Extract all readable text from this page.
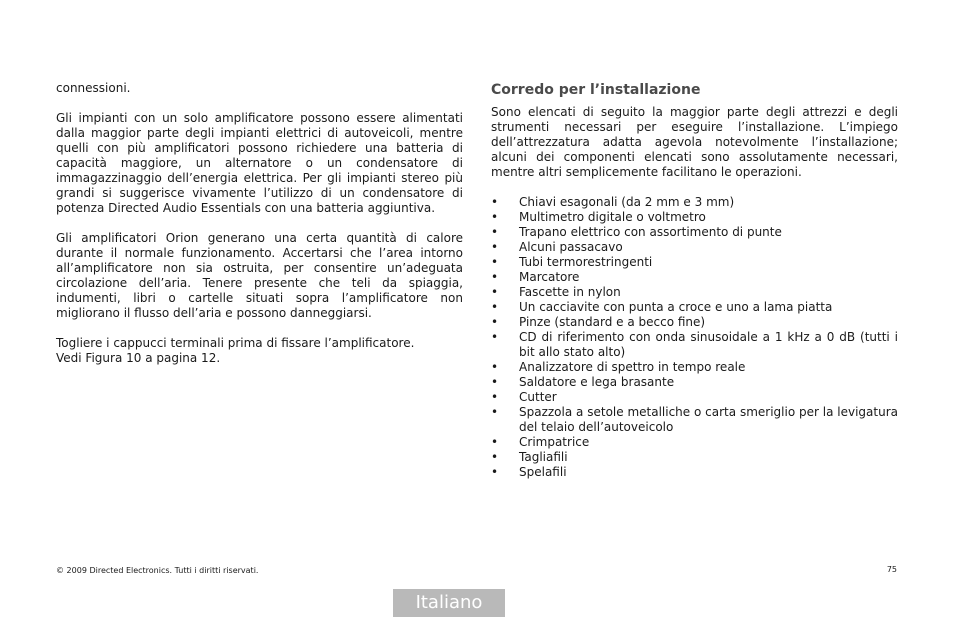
connessioni.

Gli impianti con un solo amplificatore possono essere alimentati dalla maggior parte degli impianti elettrici di autoveicoli, mentre quelli con più amplificatori possono richiedere una batteria di capacità maggiore, un alternatore o un condensatore di immagazzinaggio dell’energia elettrica. Per gli impianti stereo più grandi si suggerisce vivamente l’utilizzo di un condensatore di potenza Directed Audio Essentials con una batteria aggiuntiva.

Gli amplificatori Orion generano una certa quantità di calore durante il normale funzionamento. Accertarsi che l’area intorno all’amplificatore non sia ostruita, per consentire un’adeguata circolazione dell’aria. Tenere presente che teli da spiaggia, indumenti, libri o cartelle situati sopra l’amplificatore non migliorano il flusso dell’aria e possono danneggiarsi.

Togliere i cappucci terminali prima di fissare l’amplificatore.

Vedi Figura 10 a pagina 12.

Corredo per l’installazione

Sono elencati di seguito la maggior parte degli attrezzi e degli strumenti necessari per eseguire l’installazione. L’impiego dell’attrezzatura adatta agevola notevolmente l’installazione; alcuni dei componenti elencati sono assolutamente necessari, mentre altri semplicemente facilitano le operazioni.

• Chiavi esagonali (da 2 mm e 3 mm)
• Multimetro digitale o voltmetro
• Trapano elettrico con assortimento di punte
• Alcuni passacavo
• Tubi termorestringenti
• Marcatore
• Fascette in nylon
• Un cacciavite con punta a croce e uno a lama piatta
• Pinze (standard e a becco fine)
• CD di riferimento con onda sinusoidale a 1 kHz a 0 dB (tutti i bit allo stato alto)
• Analizzatore di spettro in tempo reale
• Saldatore e lega brasante
• Cutter
• Spazzola a setole metalliche o carta smeriglio per la levigatura del telaio dell’autoveicolo
• Crimpatrice
• Tagliafili
• Spelafili
© 2009 Directed Electronics. Tutti i diritti riservati.	75
Italiano
